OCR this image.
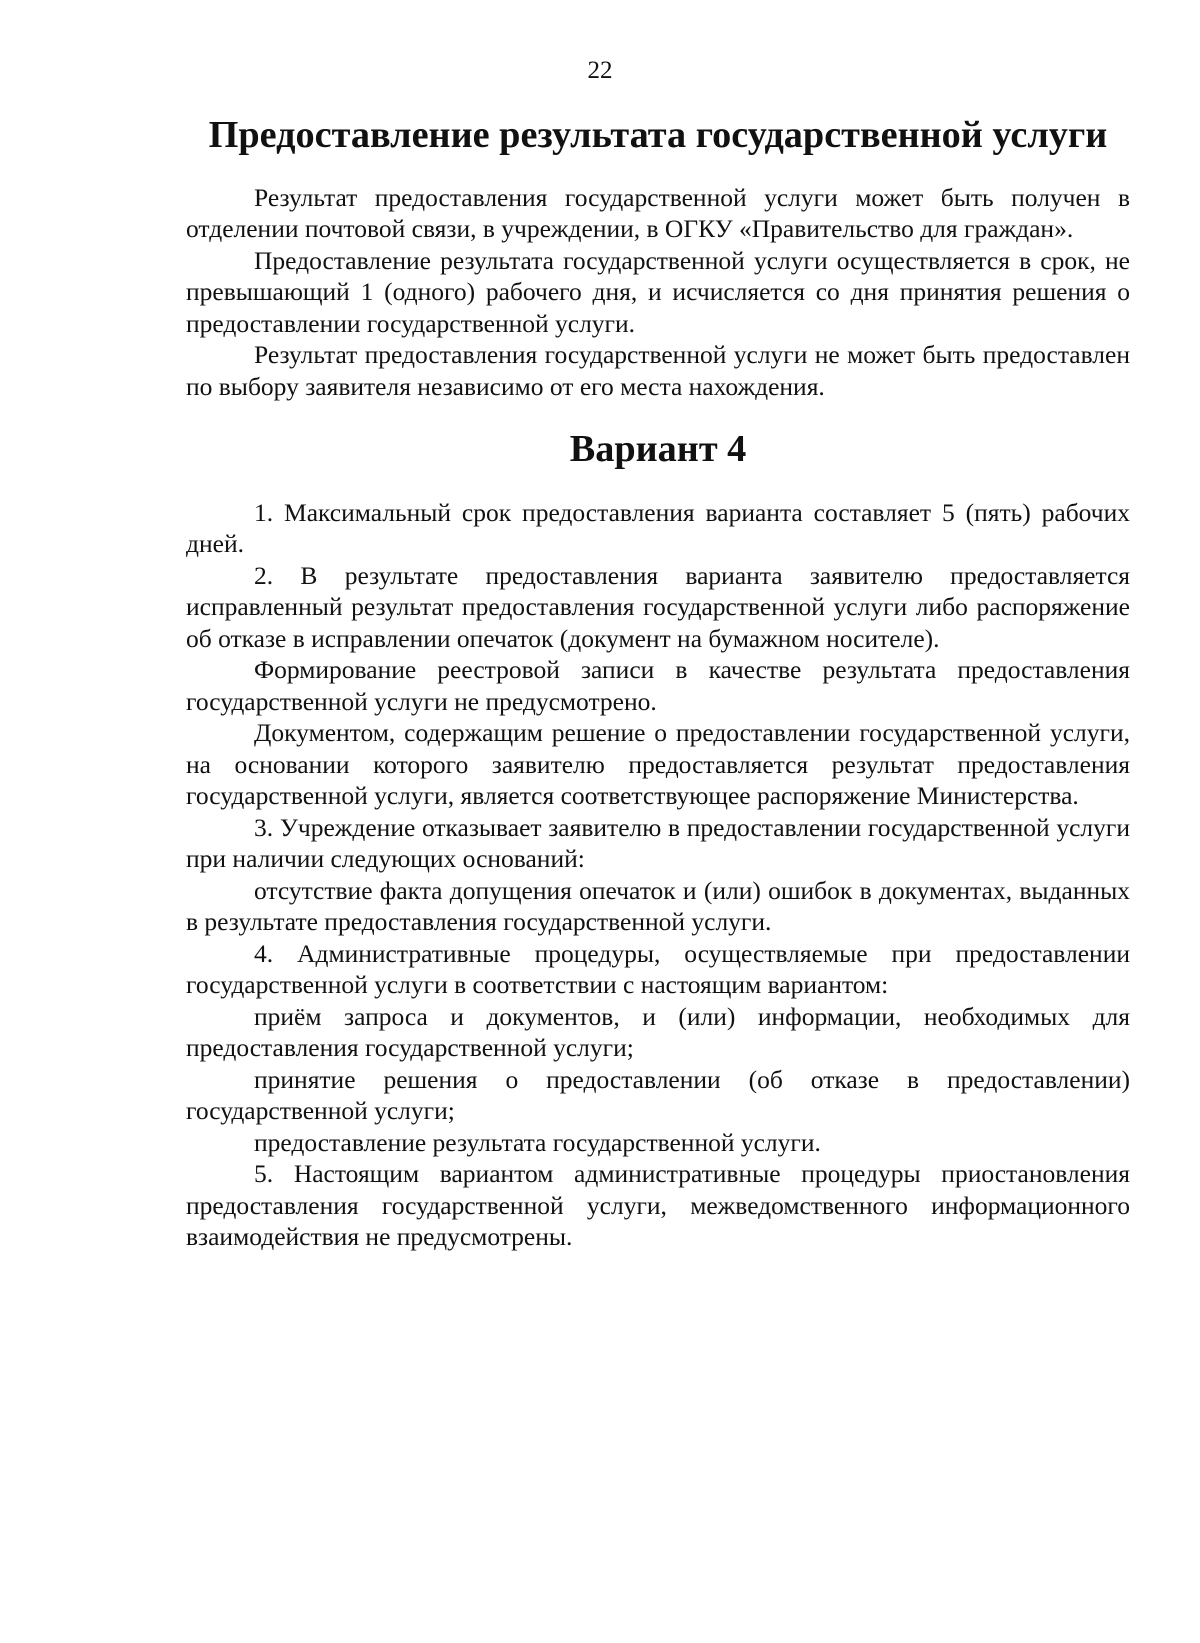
22
Предоставление результата государственной услуги

Результат предоставления государственной услуги может быть получен в отделении почтовой связи, в учреждении, в ОГКУ «Правительство для граждан».

Предоставление результата государственной услуги осуществляется в срок, не превышающий 1 (одного) рабочего дня, и исчисляется со дня принятия решения о предоставлении государственной услуги.

Результат предоставления государственной услуги не может быть предоставлен по выбору заявителя независимо от его места нахождения.

Вариант 4

1. Максимальный срок предоставления варианта составляет 5 (пять) рабочих дней.

2. В результате предоставления варианта заявителю предоставляется исправленный результат предоставления государственной услуги либо распоряжение об отказе в исправлении опечаток (документ на бумажном носителе).

Формирование реестровой записи в качестве результата предоставления государственной услуги не предусмотрено.

Документом, содержащим решение о предоставлении государственной услуги, на основании которого заявителю предоставляется результат предоставления государственной услуги, является соответствующее распоряжение Министерства.

3. Учреждение отказывает заявителю в предоставлении государственной услуги при наличии следующих оснований:

отсутствие факта допущения опечаток и (или) ошибок в документах, выданных в результате предоставления государственной услуги.

4. Административные процедуры, осуществляемые при предоставлении государственной услуги в соответствии с настоящим вариантом:

приём запроса и документов, и (или) информации, необходимых для предоставления государственной услуги;

принятие решения о предоставлении (об отказе в предоставлении) государственной услуги;

предоставление результата государственной услуги.

5. Настоящим вариантом административные процедуры приостановления предоставления государственной услуги, межведомственного информационного взаимодействия не предусмотрены.
